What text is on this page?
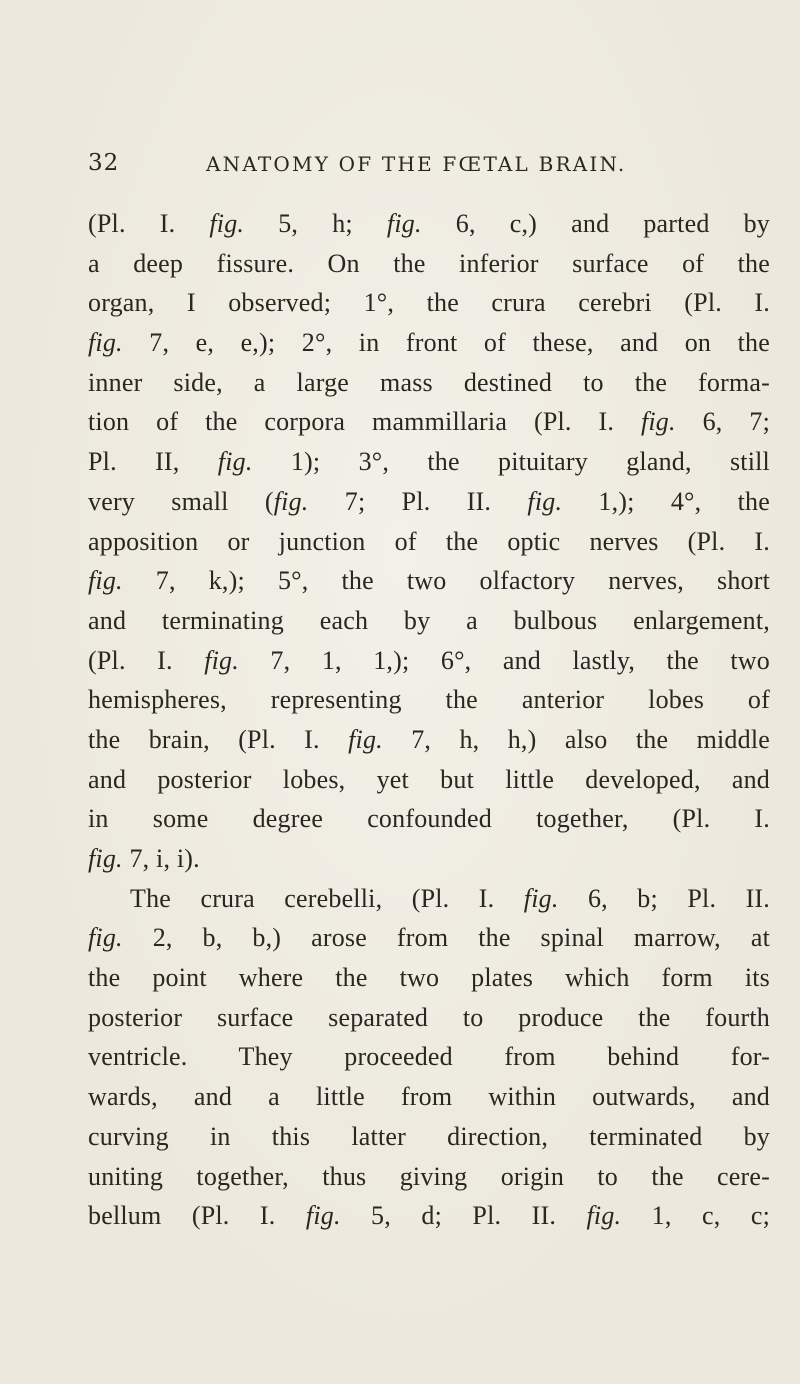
32	ANATOMY OF THE FŒTAL BRAIN.
(Pl. I. fig. 5, h; fig. 6, c,) and parted by
a deep fissure. On the inferior surface of the
organ, I observed; 1°, the crura cerebri (Pl. I.
fig. 7, e, e,); 2°, in front of these, and on the
inner side, a large mass destined to the forma-
tion of the corpora mammillaria (Pl. I. fig. 6, 7;
Pl. II, fig. 1); 3°, the pituitary gland, still
very small (fig. 7; Pl. II. fig. 1,); 4°, the
apposition or junction of the optic nerves (Pl. I.
fig. 7, k,); 5°, the two olfactory nerves, short
and terminating each by a bulbous enlargement,
(Pl. I. fig. 7, 1, 1,); 6°, and lastly, the two
hemispheres, representing the anterior lobes of
the brain, (Pl. I. fig. 7, h, h,) also the middle
and posterior lobes, yet but little developed, and
in some degree confounded together, (Pl. I.
fig. 7, i, i).
The crura cerebelli, (Pl. I. fig. 6, b; Pl. II.
fig. 2, b, b,) arose from the spinal marrow, at
the point where the two plates which form its
posterior surface separated to produce the fourth
ventricle. They proceeded from behind for-
wards, and a little from within outwards, and
curving in this latter direction, terminated by
uniting together, thus giving origin to the cere-
bellum (Pl. I. fig. 5, d; Pl. II. fig. 1, c, c;
